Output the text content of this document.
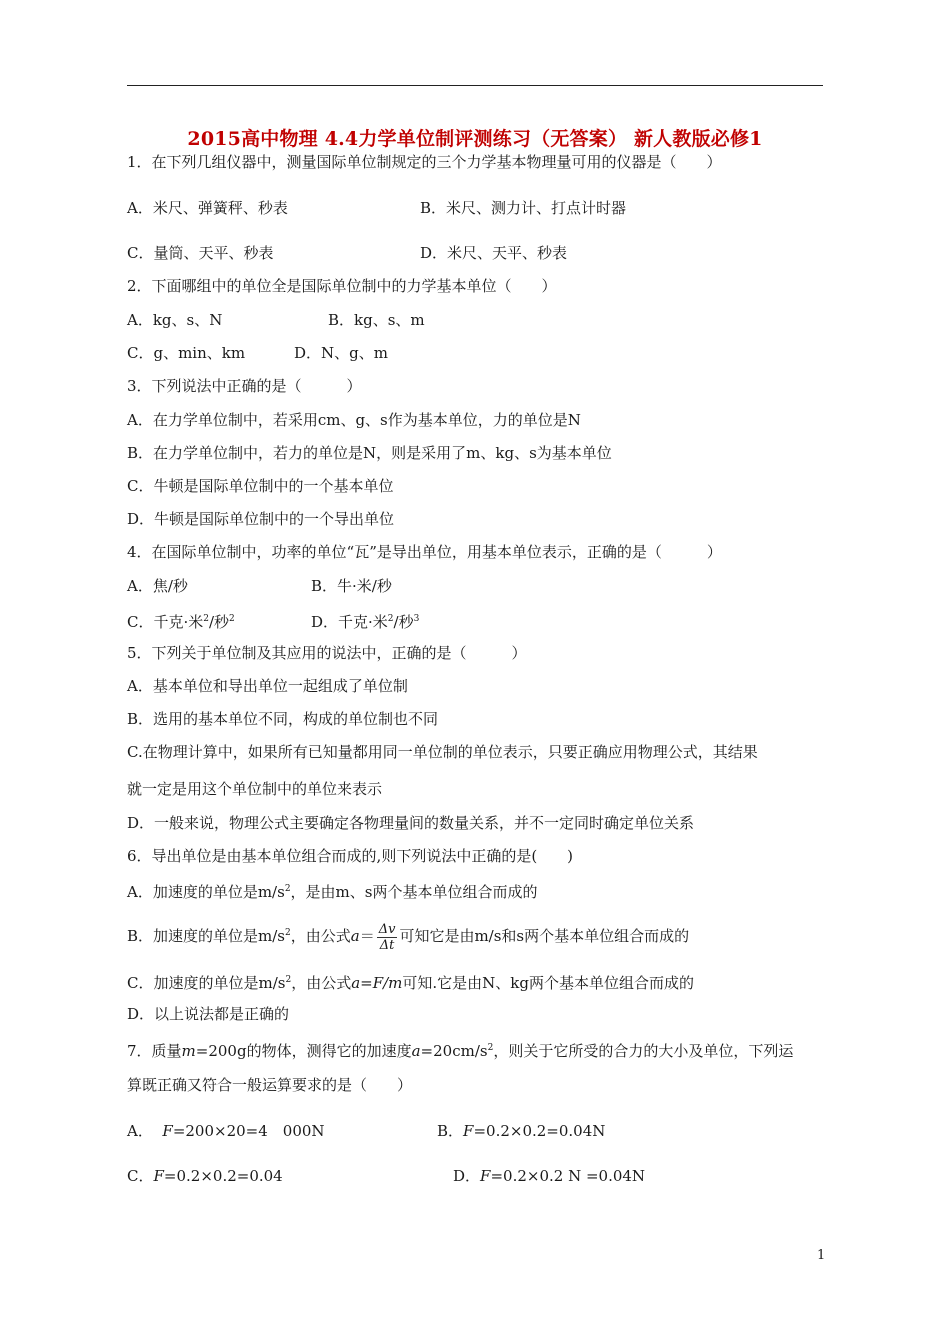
2015高中物理 4.4力学单位制评测练习（无答案） 新人教版必修1
1．在下列几组仪器中，测量国际单位制规定的三个力学基本物理量可用的仪器是（　　）
A．米尺、弹簧秤、秒表	B．米尺、测力计、打点计时器
C．量筒、天平、秒表	D．米尺、天平、秒表
2．下面哪组中的单位全是国际单位制中的力学基本单位（　　）
A．kg、s、N	B．kg、s、m
C．g、min、km	D．N、g、m
3．下列说法中正确的是（　　　）
A．在力学单位制中，若采用cm、g、s作为基本单位，力的单位是N
B．在力学单位制中，若力的单位是N，则是采用了m、kg、s为基本单位
C．牛顿是国际单位制中的一个基本单位
D．牛顿是国际单位制中的一个导出单位
4．在国际单位制中，功率的单位“瓦”是导出单位，用基本单位表示，正确的是（　　　）
A．焦/秒	B．牛·米/秒
C．千克·米$^2$/秒$^2$	D．千克·米$^2$/秒$^3$
5．下列关于单位制及其应用的说法中，正确的是（　　　）
A．基本单位和导出单位一起组成了单位制
B．选用的基本单位不同，构成的单位制也不同
C.在物理计算中，如果所有已知量都用同一单位制的单位表示，只要正确应用物理公式，其结果
就一定是用这个单位制中的单位来表示
D．一般来说，物理公式主要确定各物理量间的数量关系，并不一定同时确定单位关系
6．导出单位是由基本单位组合而成的,则下列说法中正确的是(　　)
A．加速度的单位是$m/s^2$，是由m、s两个基本单位组合而成的
B．加速度的单位是$m/s^2$，由公式$a= \frac{\Delta v}{\Delta t}$ 可知它是由m/s和s两个基本单位组合而成的
C．加速度的单位是$m/s^2$，由公式a=F/m可知.它是由N、kg两个基本单位组合而成的
D．以上说法都是正确的
7．质量m=200g的物体，测得它的加速度$a=20cm/s^2$，则关于它所受的合力的大小及单位，下列运
算既正确又符合一般运算要求的是（　　）
A． F=200×20=4　000N	B．F=0.2×0.2=0.04N
C．F=0.2×0.2=0.04	D．F=0.2×0.2 N =0.04N
1
